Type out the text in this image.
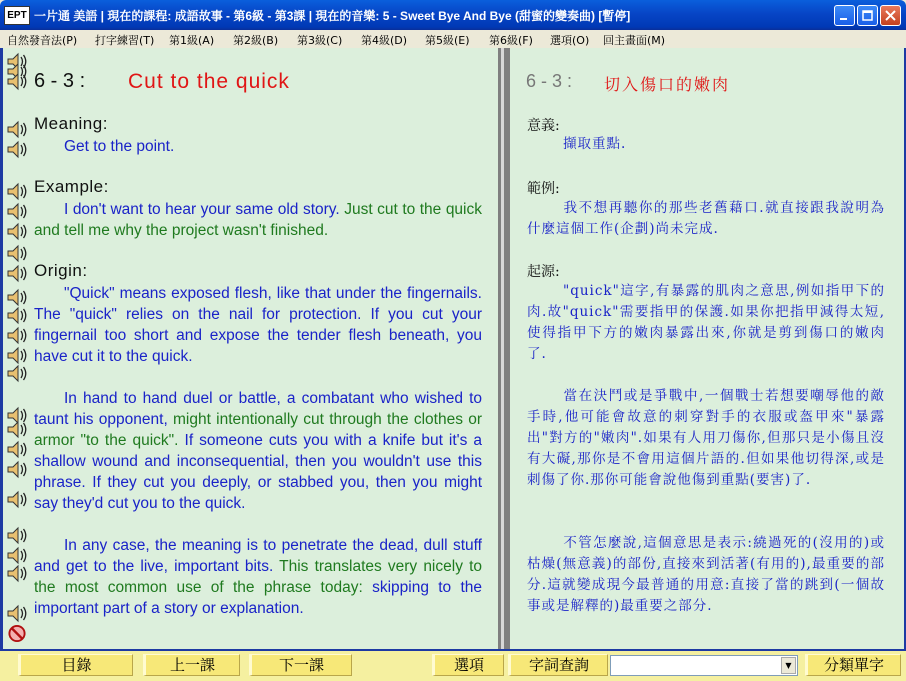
EPT 一片通 美語 | 現在的課程: 成語故事 - 第6級 - 第3課 | 現在的音樂: 5 - Sweet Bye And Bye (甜蜜的變奏曲) [暫停]
自然發音法(P) 打字練習(T) 第1級(A) 第2級(B) 第3級(C) 第4級(D) 第5級(E) 第6級(F) 選項(O) 回主畫面(M)
6 - 3 : Cut to the quick
Meaning:
Get to the point.
Example:
I don't want to hear your same old story. Just cut to the quick and tell me why the project wasn't finished.
Origin:
"Quick" means exposed flesh, like that under the fingernails. The "quick" relies on the nail for protection. If you cut your fingernail too short and expose the tender flesh beneath, you have cut it to the quick.
In hand to hand duel or battle, a combatant who wished to taunt his opponent, might intentionally cut through the clothes or armor "to the quick". If someone cuts you with a knife but it's a shallow wound and inconsequential, then you wouldn't use this phrase. If they cut you deeply, or stabbed you, then you might say they'd cut you to the quick.
In any case, the meaning is to penetrate the dead, dull stuff and get to the live, important bits. This translates very nicely to the most common use of the phrase today: skipping to the important part of a story or explanation.
6 - 3 : 切入傷口的嫩肉
意義:
擷取重點.
範例:
我不想再聽你的那些老舊藉口.就直接跟我說明為什麼這個工作(企劃)尚未完成.
起源:
"quick"這字,有暴露的肌肉之意思,例如指甲下的肉.故"quick"需要指甲的保護.如果你把指甲減得太短,使得指甲下方的嫩肉暴露出來,你就是剪到傷口的嫩肉了.
當在決鬥或是爭戰中,一個戰士若想要嘲辱他的敵手時,他可能會故意的刺穿對手的衣服或盔甲來"暴露出"對方的"嫩肉".如果有人用刀傷你,但那只是小傷且沒有大礙,那你是不會用這個片語的.但如果他切得深,或是刺傷了你.那你可能會說他傷到重點(要害)了.
不管怎麼說,這個意思是表示:繞過死的(沒用的)或枯燥(無意義)的部份,直接來到活著(有用的),最重要的部分.這就變成現今最普通的用意:直接了當的跳到(一個故事或是解釋的)最重要之部分.
目錄	上一課	下一課	選項	字詞查詢	▼	分類單字
